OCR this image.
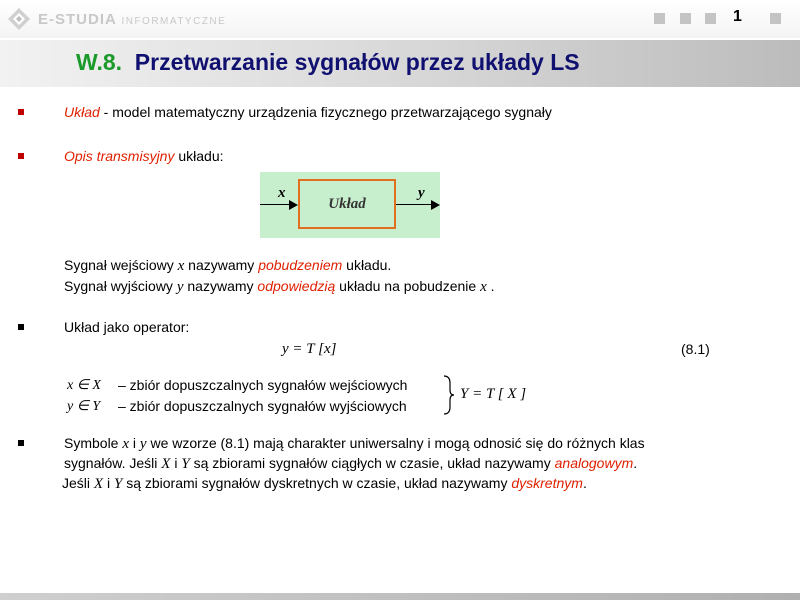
E-STUDIA INFORMATYCZNE	1
W.8. Przetwarzanie sygnałów przez układy LS
Układ - model matematyczny urządzenia fizycznego przetwarzającego sygnały
Opis transmisyjny układu:
x
Układ
y
Sygnał wejściowy x nazywamy pobudzeniem układu.
Sygnał wyjściowy y nazywamy odpowiedzią układu na pobudzenie x .
Układ jako operator:
y = T [x]	(8.1)
x ∈ X – zbiór dopuszczalnych sygnałów wejściowych
y ∈ Y – zbiór dopuszczalnych sygnałów wyjściowych
Y = T [ X ]
Symbole x i y we wzorze (8.1) mają charakter uniwersalny i mogą odnosić się do różnych klas
sygnałów. Jeśli X i Y są zbiorami sygnałów ciągłych w czasie, układ nazywamy analogowym.
Jeśli X i Y są zbiorami sygnałów dyskretnych w czasie, układ nazywamy dyskretnym.
